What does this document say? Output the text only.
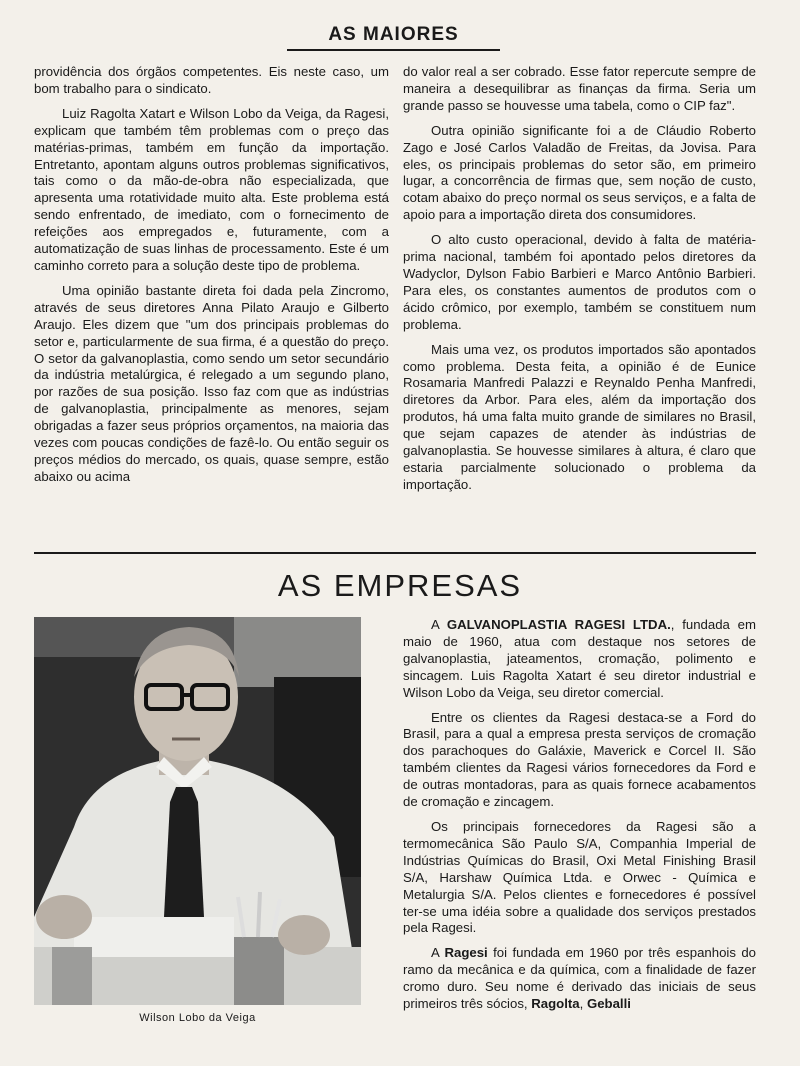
AS MAIORES

providência dos órgãos competentes. Eis neste caso, um bom trabalho para o sindicato.

Luiz Ragolta Xatart e Wilson Lobo da Veiga, da Ragesi, explicam que também têm problemas com o preço das matérias-primas, também em função da importação. Entretanto, apontam alguns outros problemas significativos, tais como o da mão-de-obra não especializada, que apresenta uma rotatividade muito alta. Este problema está sendo enfrentado, de imediato, com o fornecimento de refeições aos empregados e, futuramente, com a automatização de suas linhas de processamento. Este é um caminho correto para a solução deste tipo de problema.

Uma opinião bastante direta foi dada pela Zincromo, através de seus diretores Anna Pilato Araujo e Gilberto Araujo. Eles dizem que "um dos principais problemas do setor e, particularmente de sua firma, é a questão do preço. O setor da galvanoplastia, como sendo um setor secundário da indústria metalúrgica, é relegado a um segundo plano, por razões de sua posição. Isso faz com que as indústrias de galvanoplastia, principalmente as menores, sejam obrigadas a fazer seus próprios orçamentos, na maioria das vezes com poucas condições de fazê-lo. Ou então seguir os preços médios do mercado, os quais, quase sempre, estão abaixo ou acima

do valor real a ser cobrado. Esse fator repercute sempre de maneira a desequilibrar as finanças da firma. Seria um grande passo se houvesse uma tabela, como o CIP faz".

Outra opinião significante foi a de Cláudio Roberto Zago e José Carlos Valadão de Freitas, da Jovisa. Para eles, os principais problemas do setor são, em primeiro lugar, a concorrência de firmas que, sem noção de custo, cotam abaixo do preço normal os seus serviços, e a falta de apoio para a importação direta dos consumidores.

O alto custo operacional, devido à falta de matéria-prima nacional, também foi apontado pelos diretores da Wadyclor, Dylson Fabio Barbieri e Marco Antônio Barbieri. Para eles, os constantes aumentos de produtos com o ácido crômico, por exemplo, também se constituem num problema.

Mais uma vez, os produtos importados são apontados como problema. Desta feita, a opinião é de Eunice Rosamaria Manfredi Palazzi e Reynaldo Penha Manfredi, diretores da Arbor. Para eles, além da importação dos produtos, há uma falta muito grande de similares no Brasil, que sejam capazes de atender às indústrias de galvanoplastia. Se houvesse similares à altura, é claro que estaria parcialmente solucionado o problema da importação.

AS EMPRESAS
Wilson Lobo da Veiga

A GALVANOPLASTIA RAGESI LTDA., fundada em maio de 1960, atua com destaque nos setores de galvanoplastia, jateamentos, cromação, polimento e sincagem. Luis Ragolta Xatart é seu diretor industrial e Wilson Lobo da Veiga, seu diretor comercial.

Entre os clientes da Ragesi destaca-se a Ford do Brasil, para a qual a empresa presta serviços de cromação dos parachoques do Galáxie, Maverick e Corcel II. São também clientes da Ragesi vários fornecedores da Ford e de outras montadoras, para as quais fornece acabamentos de cromação e zincagem.

Os principais fornecedores da Ragesi são a termomecânica São Paulo S/A, Companhia Imperial de Indústrias Químicas do Brasil, Oxi Metal Finishing Brasil S/A, Harshaw Química Ltda. e Orwec - Química e Metalurgia S/A. Pelos clientes e fornecedores é possível ter-se uma idéia sobre a qualidade dos serviços prestados pela Ragesi.

A Ragesi foi fundada em 1960 por três espanhois do ramo da mecânica e da química, com a finalidade de fazer cromo duro. Seu nome é derivado das iniciais de seus primeiros três sócios, Ragolta, Geballi
